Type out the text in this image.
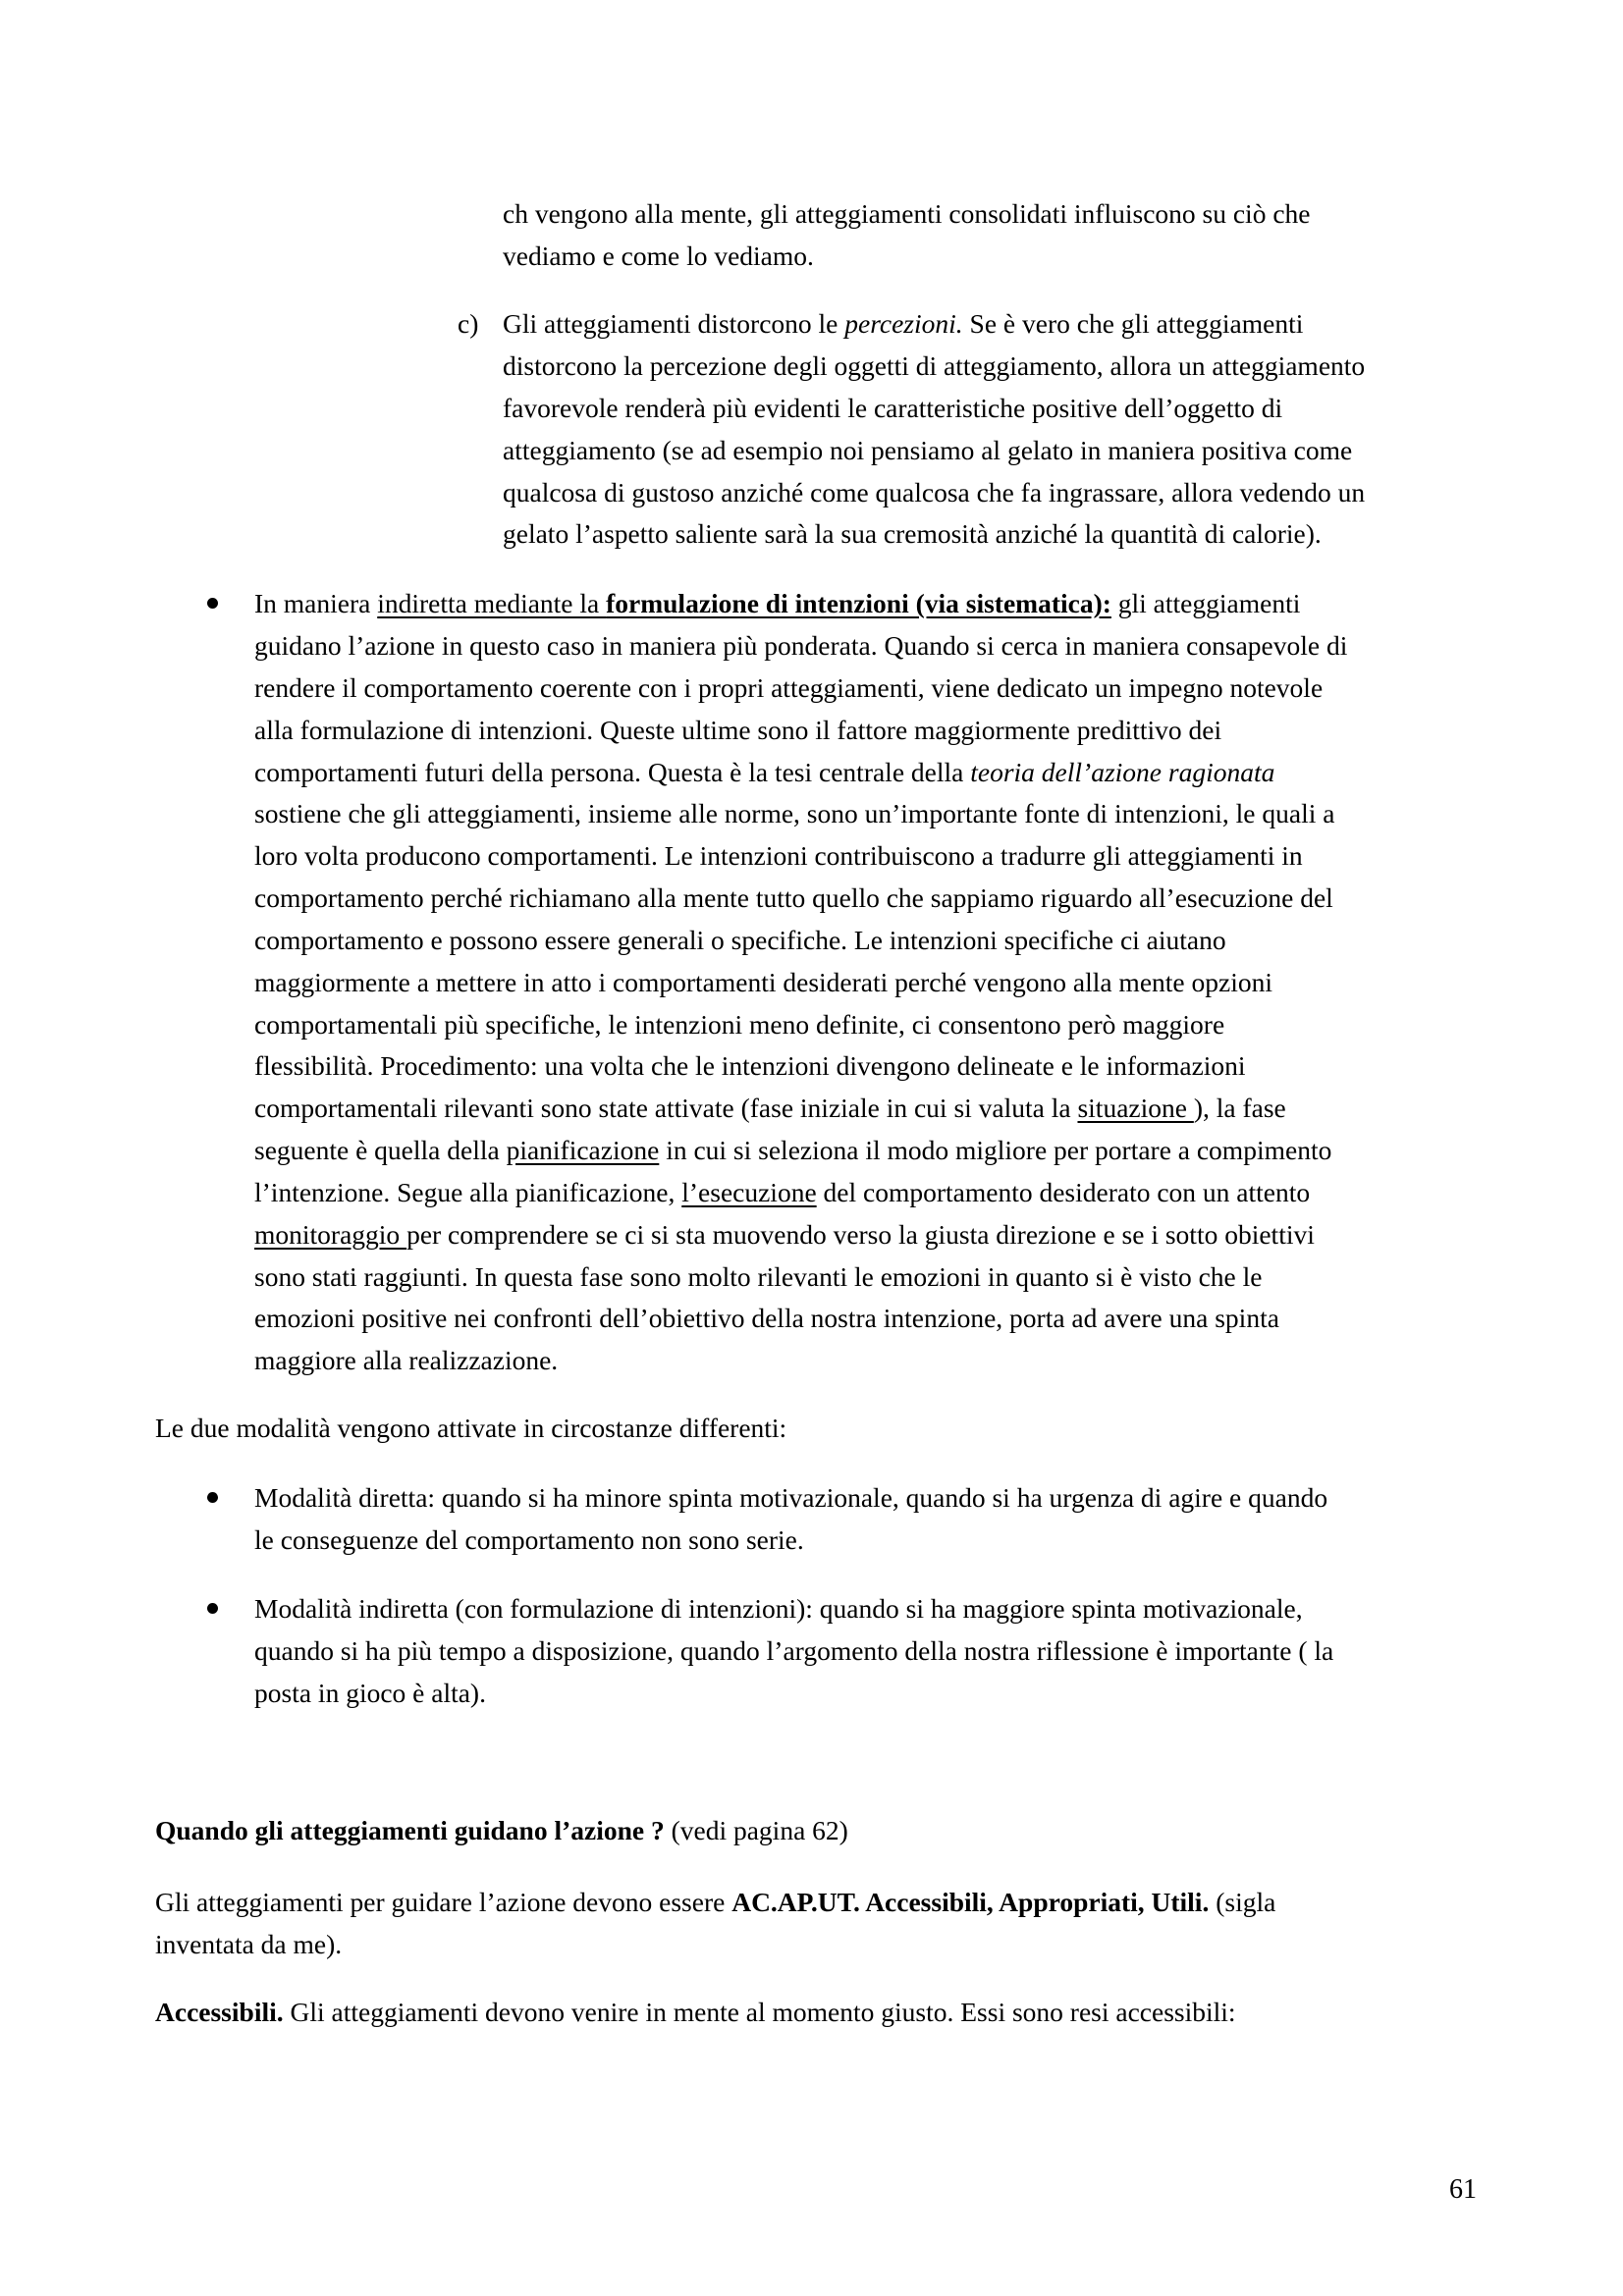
ch vengono alla mente, gli atteggiamenti consolidati influiscono su ciò che
vediamo e come lo vediamo.
c) Gli atteggiamenti distorcono le percezioni. Se è vero che gli atteggiamenti
distorcono la percezione degli oggetti di atteggiamento, allora un atteggiamento
favorevole renderà più evidenti le caratteristiche positive dell’oggetto di
atteggiamento (se ad esempio noi pensiamo al gelato in maniera positiva come
qualcosa di gustoso anziché come qualcosa che fa ingrassare, allora vedendo un
gelato l’aspetto saliente sarà la sua cremosità anziché la quantità di calorie).
In maniera indiretta mediante la formulazione di intenzioni (via sistematica): gli atteggiamenti
guidano l’azione in questo caso in maniera più ponderata. Quando si cerca in maniera consapevole di
rendere il comportamento coerente con i propri atteggiamenti, viene dedicato un impegno notevole
alla formulazione di intenzioni. Queste ultime sono il fattore maggiormente predittivo dei
comportamenti futuri della persona. Questa è la tesi centrale della teoria dell’azione ragionata
sostiene che gli atteggiamenti, insieme alle norme, sono un’importante fonte di intenzioni, le quali a
loro volta producono comportamenti. Le intenzioni contribuiscono a tradurre gli atteggiamenti in
comportamento perché richiamano alla mente tutto quello che sappiamo riguardo all’esecuzione del
comportamento e possono essere generali o specifiche. Le intenzioni specifiche ci aiutano
maggiormente a mettere in atto i comportamenti desiderati perché vengono alla mente opzioni
comportamentali più specifiche, le intenzioni meno definite, ci consentono però maggiore
flessibilità. Procedimento: una volta che le intenzioni divengono delineate e le informazioni
comportamentali rilevanti sono state attivate (fase iniziale in cui si valuta la situazione ), la fase
seguente è quella della pianificazione in cui si seleziona il modo migliore per portare a compimento
l’intenzione. Segue alla pianificazione, l’esecuzione del comportamento desiderato con un attento
monitoraggio per comprendere se ci si sta muovendo verso la giusta direzione e se i sotto obiettivi
sono stati raggiunti. In questa fase sono molto rilevanti le emozioni in quanto si è visto che le
emozioni positive nei confronti dell’obiettivo della nostra intenzione, porta ad avere una spinta
maggiore alla realizzazione.
Le due modalità vengono attivate in circostanze differenti:
Modalità diretta: quando si ha minore spinta motivazionale, quando si ha urgenza di agire e quando
le conseguenze del comportamento non sono serie.
Modalità indiretta (con formulazione di intenzioni): quando si ha maggiore spinta motivazionale,
quando si ha più tempo a disposizione, quando l’argomento della nostra riflessione è importante ( la
posta in gioco è alta).
Quando gli atteggiamenti guidano l’azione ? (vedi pagina 62)
Gli atteggiamenti per guidare l’azione devono essere AC.AP.UT. Accessibili, Appropriati, Utili. (sigla
inventata da me).
Accessibili. Gli atteggiamenti devono venire in mente al momento giusto. Essi sono resi accessibili:
61
